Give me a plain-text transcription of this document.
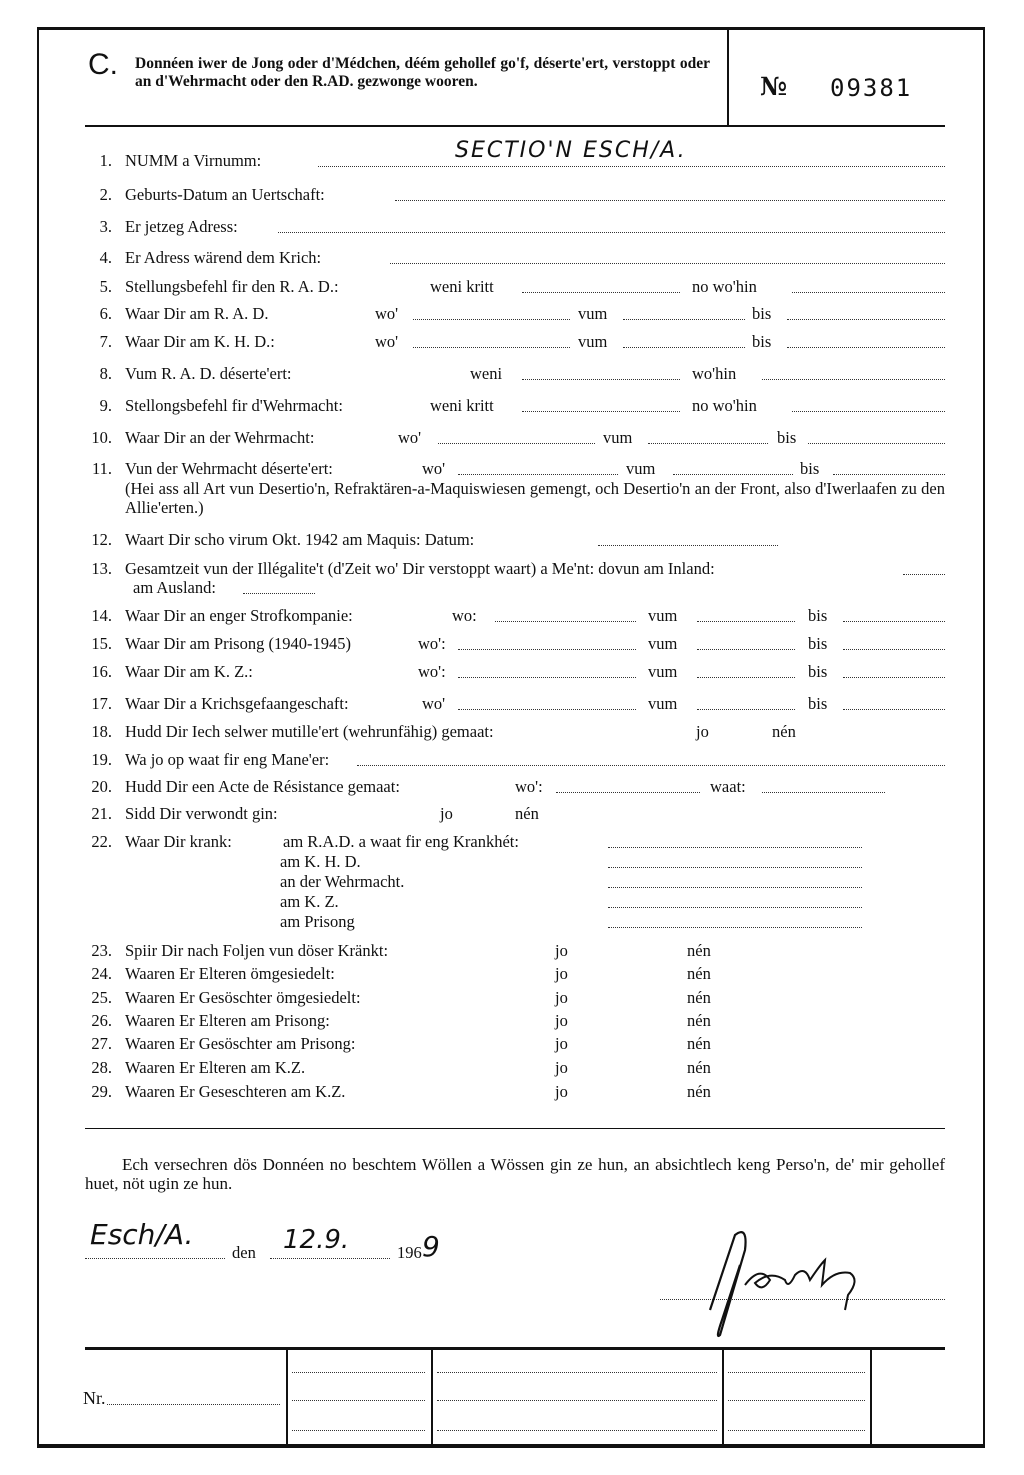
C. Donnéen iwer de Jong oder d'Médchen, déém gehollef go'f, déserte'ert, verstoppt oder an d'Wehrmacht oder den R.AD. gezwonge wooren.	№ 09381
1. NUMM a Virnumm:
2. Geburts-Datum an Uertschaft:
3. Er jetzeg Adress:
4. Er Adress wärend dem Krich:
5. Stellungsbefehl fir den R. A. D.:	weni kritt	no wo'hin
6. Waar Dir am R. A. D.	wo'	vum	bis
7. Waar Dir am K. H. D.:	wo'	vum	bis
8. Vum R. A. D. déserte'ert:	weni	wo'hin
9. Stellongsbefehl fir d'Wehrmacht:	weni kritt	no wo'hin
10. Waar Dir an der Wehrmacht:	wo'	vum	bis
11. Vun der Wehrmacht déserte'ert:	wo'	vum	bis
(Hei ass all Art vun Desertio'n, Refraktären-a-Maquiswiesen gemengt, och Desertio'n an der Front, also d'Iwerlaafen zu den Allie'erten.)
12. Waart Dir scho virum Okt. 1942 am Maquis: Datum:
13. Gesamtzeit vun der Illégalite't (d'Zeit wo' Dir verstoppt waart) a Me'nt: dovun am Inland:
am Ausland:
14. Waar Dir an enger Strofkompanie:	wo:	vum	bis
15. Waar Dir am Prisong (1940-1945)	wo':	vum	bis
16. Waar Dir am K. Z.:	wo':	vum	bis
17. Waar Dir a Krichsgefaangeschaft:	wo'	vum	bis
18. Hudd Dir Iech selwer mutille'ert (wehrunfähig) gemaat:	jo	nén
19. Wa jo op waat fir eng Mane'er:
20. Hudd Dir een Acte de Résistance gemaat:	wo':	waat:
21. Sidd Dir verwondt gin:	jo	nén
22. Waar Dir krank:	am R.A.D. a waat fir eng Krankhét:
am K. H. D.
an der Wehrmacht.
am K. Z.
am Prisong
23. Spiir Dir nach Foljen vun döser Kränkt:	jo	nén
24. Waaren Er Elteren ömgesiedelt:	jo	nén
25. Waaren Er Gesöschter ömgesiedelt:	jo	nén
26. Waaren Er Elteren am Prisong:	jo	nén
27. Waaren Er Gesöschter am Prisong:	jo	nén
28. Waaren Er Elteren am K.Z.	jo	nén
29. Waaren Er Geseschteren am K.Z.	jo	nén
SECTIO'N ESCH/A.
Ech versechren dös Donnéen no beschtem Wöllen a Wössen gin ze hun, an absichtlech keng Perso'n, de' mir gehollef huet, nöt ugin ze hun.
Esch/A.
den 12.9.	196 9
Nr.
